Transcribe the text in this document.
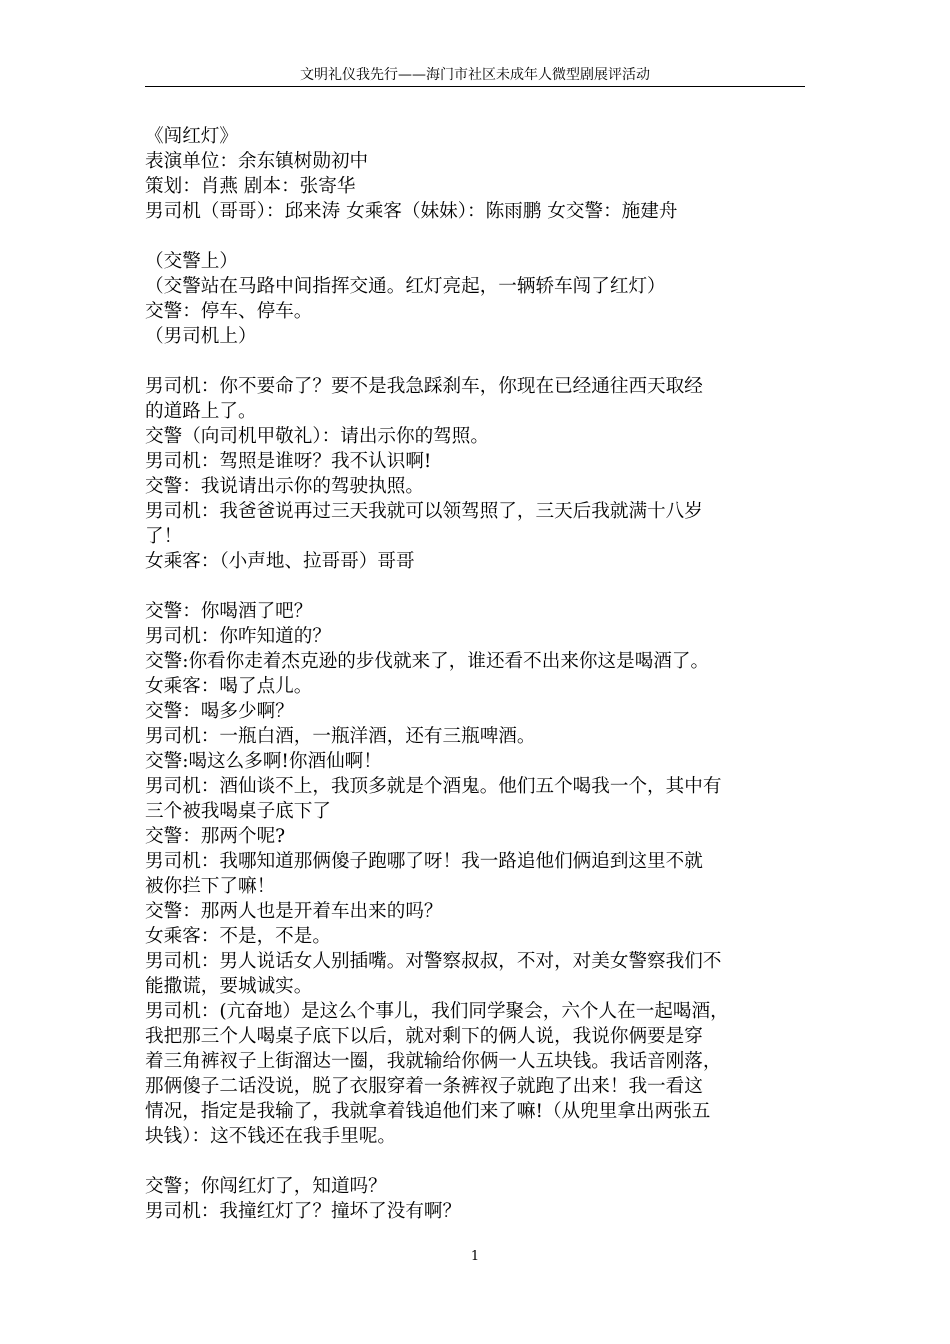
文明礼仪我先行——海门市社区未成年人微型剧展评活动
《闯红灯》
表演单位：余东镇树勋初中
策划：肖燕 剧本：张寄华
男司机（哥哥）：邱来涛 女乘客（妹妹）：陈雨鹏 女交警：施建舟
（交警上）
（交警站在马路中间指挥交通。红灯亮起，一辆轿车闯了红灯）
交警：停车、停车。
（男司机上）
男司机：你不要命了？要不是我急踩刹车，你现在已经通往西天取经
的道路上了。
交警（向司机甲敬礼）：请出示你的驾照。
男司机：驾照是谁呀？我不认识啊!
交警：我说请出示你的驾驶执照。
男司机：我爸爸说再过三天我就可以领驾照了，三天后我就满十八岁
了！
女乘客：（小声地、拉哥哥）哥哥
交警：你喝酒了吧？
男司机：你咋知道的？
交警:你看你走着杰克逊的步伐就来了，谁还看不出来你这是喝酒了。
女乘客：喝了点儿。
交警：喝多少啊？
男司机：一瓶白酒，一瓶洋酒，还有三瓶啤酒。
交警:喝这么多啊!你酒仙啊！
男司机：酒仙谈不上，我顶多就是个酒鬼。他们五个喝我一个，其中有
三个被我喝桌子底下了
交警：那两个呢?
男司机：我哪知道那俩傻子跑哪了呀！我一路追他们俩追到这里不就
被你拦下了嘛！
交警：那两人也是开着车出来的吗？
女乘客：不是，不是。
男司机：男人说话女人别插嘴。对警察叔叔，不对，对美女警察我们不
能撒谎，要城诚实。
男司机：(亢奋地）是这么个事儿，我们同学聚会，六个人在一起喝酒，
我把那三个人喝桌子底下以后，就对剩下的俩人说，我说你俩要是穿
着三角裤衩子上街溜达一圈，我就输给你俩一人五块钱。我话音刚落，
那俩傻子二话没说，脱了衣服穿着一条裤衩子就跑了出来！我一看这
情况，指定是我输了，我就拿着钱追他们来了嘛!（从兜里拿出两张五
块钱）：这不钱还在我手里呢。
交警；你闯红灯了，知道吗？
男司机：我撞红灯了？撞坏了没有啊？
1
